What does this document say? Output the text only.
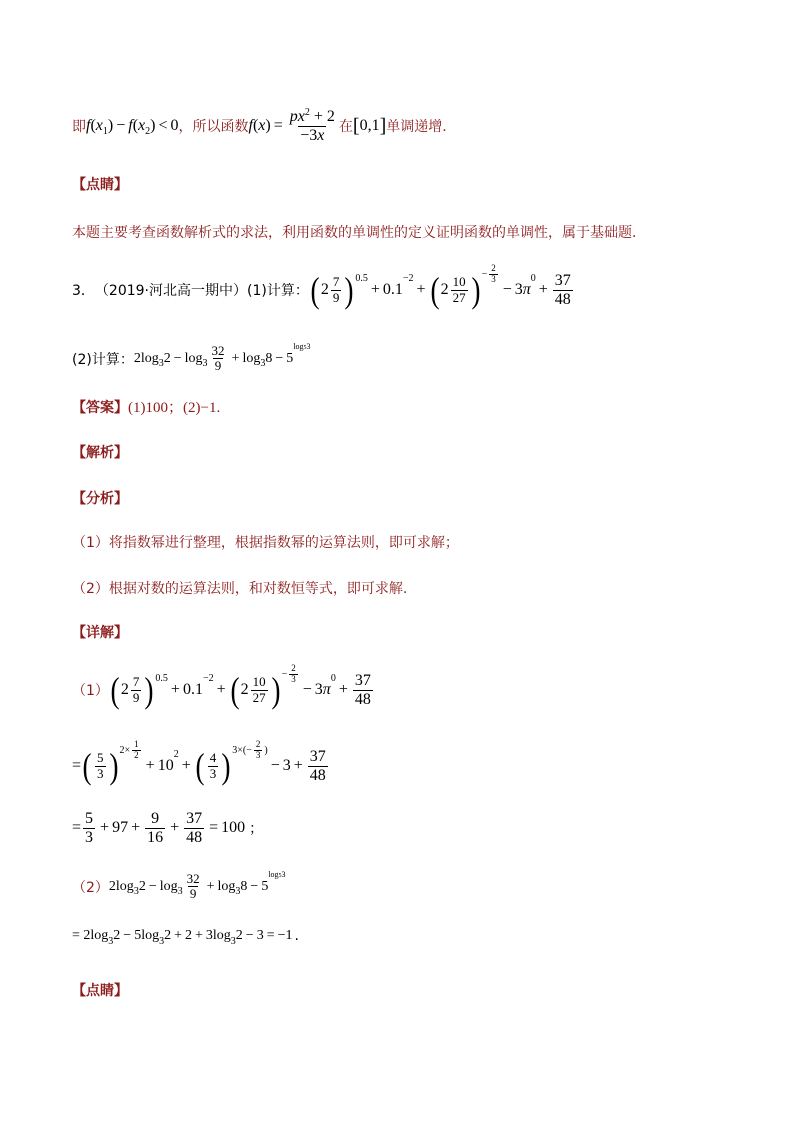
即 f ( x 1 ) − f ( x 2 ) < 0 ，所以函数 f ( x ) = $\frac{px^2 + 2}{-3x}$ 在 [ 0,1 ] 单调递增.
【点睛】
本题主要考查函数解析式的求法，利用函数的单调性的定义证明函数的单调性，属于基础题．
3． （2019·河北高一期中） (1)计算： ( $2 \frac{7}{9}$ ) 0.5
+ 0.1
−2
+ ( $2 \frac{10}{27}$ ) − $\frac{2}{3}$
− 3 π
0
+ $\frac{37}{48}$
(2)计算： 2log 3 $2 - \log 3 \frac{32}{9} + \log 3$ 8 − 5
log53
【答案】 (1)100；(2)−1.
【解析】
【分析】
（1）将指数幂进行整理，根据指数幂的运算法则，即可求解；
（2）根据对数的运算法则，和对数恒等式，即可求解.
【详解】
（1） ( $2 \frac{7}{9}$ ) 0.5
+ 0.1
−2
+ ( $2 \frac{10}{27}$ ) − $\frac{2}{3}$
− 3 π
0
+ $\frac{37}{48}$
= ( $\frac{5}{3}$ ) $2\times \frac{1}{2}$
+ 10
2
+ ( $\frac{4}{3}$ ) $3\times(- \frac{2}{3}$ )
− $3 + \frac{37}{48}$
= $\frac{5}{3} + 97 + \frac{9}{16} + \frac{37}{48} = 100$ ；
（2） 2log 3 $2 - \log 3 \frac{32}{9} + \log 3$ 8 − 5
log53
= 2log 3 2 − 5log 3 2 + 2 + 3log 3 2 − 3 = −1 .
【点睛】
